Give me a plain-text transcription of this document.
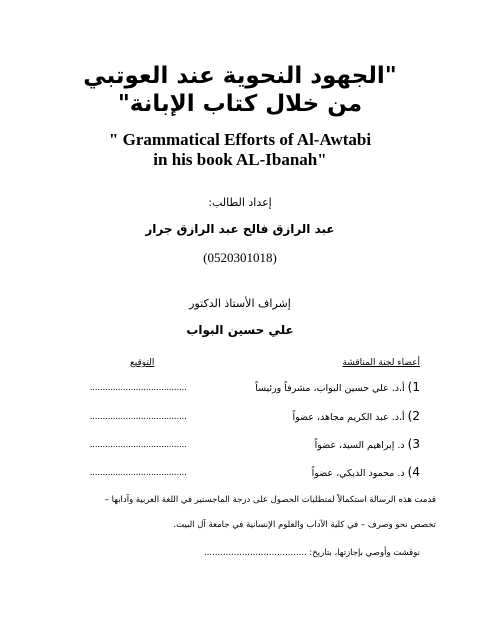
"الجهود النحوية عند العوتبي
من خلال كتاب الإبانة"
" Grammatical Efforts of Al-Awtabi
in his book AL-Ibanah"

إعداد الطالب:

عبد الرازق فالح عبد الرازق جرار

(0520301018)

إشراف الأستاذ الدكتور

علي حسين البواب

أعضاء لجنة المناقشة

التوقيع

1) أ.د. علي حسين البواب، مشرفاً ورئيساً
......................................
2) أ.د. عبد الكريم مجاهد، عضواً
......................................
3) د. إبراهيم السيد، عضواً
......................................
4) د. محمود الديكي، عضواً
......................................

قدمت هذه الرسالة استكمالاً لمتطلبات الحصول على درجة الماجستير في اللغة العربية وآدابها –

تخصص نحو وصرف – في كلية الآداب والعلوم الإنسانية في جامعة آل البيت.

نوقشت وأوصي بإجازتها، بتاريخ: ......................................
